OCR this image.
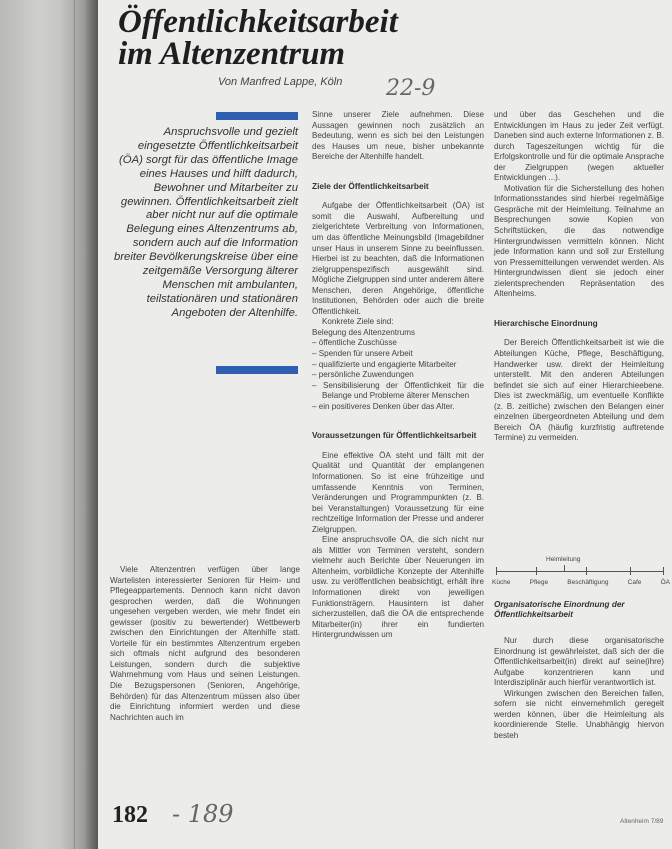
Öffentlichkeitsarbeit
im Altenzentrum
Von Manfred Lappe, Köln 22-9

Anspruchsvolle und gezielt eingesetzte Öffentlichkeitsarbeit (ÖA) sorgt für das öffentliche Image eines Hauses und hilft dadurch, Bewohner und Mitarbeiter zu gewinnen. Öffentlichkeitsarbeit zielt aber nicht nur auf die optimale Belegung eines Altenzentrums ab, sondern auch auf die Information breiter Bevölkerungskreise über eine zeitgemäße Versorgung älterer Menschen mit ambulanten, teilstationären und stationären Angeboten der Altenhilfe.

Viele Altenzentren verfügen über lange Wartelisten interessierter Senioren für Heim- und Pflegeappartements. Dennoch kann nicht davon gesprochen werden, daß die Wohnungen ungesehen vergeben werden, wie mehr findet ein gewisser (positiv zu bewertender) Wettbewerb zwischen den Einrichtungen der Altenhilfe statt. Vorteile für ein bestimmtes Altenzentrum ergeben sich oftmals nicht aufgrund des besonderen Leistungen, sondern durch die subjektive Wahrnehmung vom Haus und seinen Leistungen. Die Bezugspersonen (Senioren, Angehörige, Behörden) für das Altenzentrum müssen also über die Einrichtung informiert werden und diese Nachrichten auch im

Sinne unserer Ziele aufnehmen. Diese Aussagen gewinnen noch zusätzlich an Bedeutung, wenn es sich bei den Leistungen des Hauses um neue, bisher unbekannte Bereiche der Altenhilfe handelt.

Ziele der Öffentlichkeitsarbeit

Aufgabe der Öffentlichkeitsarbeit (ÖA) ist somit die Auswahl, Aufbereitung und zielgerichtete Verbreitung von Informationen, um das öffentliche Meinungsbild (Imagebildner unser Haus in unserem Sinne zu beeinflussen. Hierbei ist zu beachten, daß die Informationen zielgruppenspezifisch ausgewählt sind. Mögliche Zielgruppen sind unter anderem ältere Menschen, deren Angehörige, öffentliche Institutionen, Behörden oder auch die breite Öffentlichkeit.

Konkrete Ziele sind:

Belegung des Altenzentrums
– öffentliche Zuschüsse
– Spenden für unsere Arbeit
– qualifizierte und engagierte Mitarbeiter
– persönliche Zuwendungen
– Sensibilisierung der Öffentlichkeit für die Belange und Probleme älterer Menschen
– ein positiveres Denken über das Alter.
Voraussetzungen für Öffentlichkeitsarbeit

Eine effektive ÖA steht und fällt mit der Qualität und Quantität der emplangenen Informationen. So ist eine frühzeitige und umfassende Kenntnis von Terminen, Veränderungen und Programmpunkten (z. B. bei Veranstaltungen) Voraussetzung für eine rechtzeitige Information der Presse und anderer Zielgruppen.

Eine anspruchsvolle ÖA, die sich nicht nur als Mittler von Terminen versteht, sondern vielmehr auch Berichte über Neuerungen im Altenheim, vorbildliche Konzepte der Altenhilfe usw. zu veröffentlichen beabsichtigt, erhält ihre Informationen direkt von jeweiligen Funktionsträgern. Hausintern ist daher sicherzustellen, daß die ÖA die entsprechende Mitarbeiter(in) ihrer ein fundierten Hintergrundwissen um

und über das Geschehen und die Entwicklungen im Haus zu jeder Zeit verfügt. Daneben sind auch externe Informationen z. B. durch Tageszeitungen wichtig für die Erfolgskontrolle und für die optimale Ansprache der Zielgruppen (wegen aktueller Entwicklungen ...).

Motivation für die Sicherstellung des hohen Informationsstandes sind hierbei regelmäßige Gespräche mit der Heimleitung. Teilnahme an Besprechungen sowie Kopien von Schriftstücken, die das notwendige Hintergrundwissen vermitteln können. Nicht jede Information kann und soll zur Erstellung von Pressemitteilungen verwendet werden. Als Hintergrundwissen dient sie jedoch einer zielentsprechenden Repräsentation des Altenheims.

Hierarchische Einordnung

Der Bereich Öffentlichkeitsarbeit ist wie die Abteilungen Küche, Pflege, Beschäftigung, Handwerker usw. direkt der Heimleitung unterstellt. Mit den anderen Abteilungen befindet sie sich auf einer Hierarchieebene. Dies ist zweckmäßig, um eventuelle Konflikte (z. B. zeitliche) zwischen den Belangen einer einzelnen übergeordneten Abteilung und dem Bereich ÖA (häufig kurzfristig auftretende Termine) zu vermeiden.

Heimleitung
Küche	Pflege	Beschäftigung	Cafe	ÖA
Organisatorische Einordnung der Öffentlichkeitsarbeit

Nur durch diese organisatorische Einordnung ist gewährleistet, daß sich der die Öffentlichkeitsarbeit(in) direkt auf seine(ihre) Aufgabe konzentrieren kann und Interdisziplinär auch hierfür verantwortlich ist.

Wirkungen zwischen den Bereichen fallen, sofern sie nicht einvernehmlich geregelt werden können, über die Heimleitung als koordinierende Stelle. Unabhängig hiervon besteh

182 - 189	Altenheim 7/89
